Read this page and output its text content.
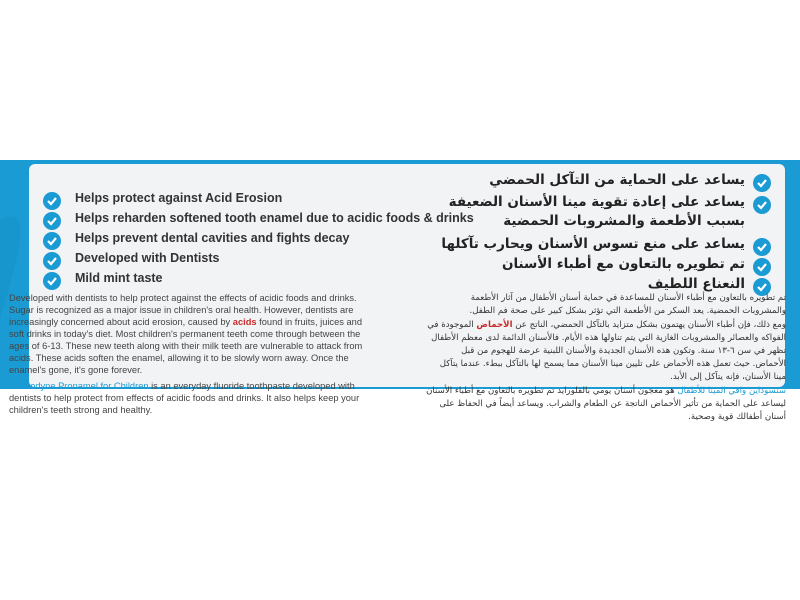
Helps protect against Acid Erosion
Helps reharden softened tooth enamel due to acidic foods & drinks
Helps prevent dental cavities and fights decay
Developed with Dentists
Mild mint taste
يساعد على الحماية من التآكل الحمضي
يساعد على إعادة تقوية مينا الأسنان الضعيفة
بسبب الأطعمة والمشروبات الحمضية
يساعد على منع تسوس الأسنان ويحارب تآكلها
تم تطويره بالتعاون مع أطباء الأسنان
النعناع اللطيف

Developed with dentists to help protect against the effects of acidic foods and drinks. Sugar is recognized as a major issue in children's oral health. However, dentists are increasingly concerned about acid erosion, caused by acids found in fruits, juices and soft drinks in today's diet. Most children's permanent teeth come through between the ages of 6-13. These new teeth along with their milk teeth are vulnerable to attack from acids. These acids soften the enamel, allowing it to be slowly worn away. Once the enamel's gone, it's gone forever.

Sensodyne Pronamel for Children is an everyday fluoride toothpaste developed with dentists to help protect from effects of acidic foods and drinks. It also helps keep your children's teeth strong and healthy.

تم تطويره بالتعاون مع أطباء الأسنان للمساعدة في حماية أسنان الأطفال من آثار الأطعمة والمشروبات الحمضية. يعد السكر من الأطعمة التي تؤثر بشكل كبير على صحة فم الطفل.

ومع ذلك، فإن أطباء الأسنان يهتمون بشكل متزايد بالتآكل الحمضي، الناتج عن الأحماض الموجودة في الفواكه والعصائر والمشروبات الغازية التي يتم تناولها هذه الأيام. فالأسنان الدائمة لدى معظم الأطفال تظهر في سن ٦-١٣ سنة. وتكون هذه الأسنان الجديدة والأسنان اللبنية عرضة للهجوم من قبل الأحماض. حيث تعمل هذه الأحماض على تليين مينا الأسنان مما يسمح لها بالتآكل ببطء. عندما يتآكل مينا الأسنان، فإنه يتآكل إلى الأبد.

سنسوداين واقي المينا للأطفال هو معجون أسنان يومي بالفلورايد تم تطويره بالتعاون مع أطباء الأسنان ليساعد على الحماية من تأثير الأحماض الناتجة عن الطعام والشراب. ويساعد أيضاً في الحفاظ على أسنان أطفالك قوية وصحية.
